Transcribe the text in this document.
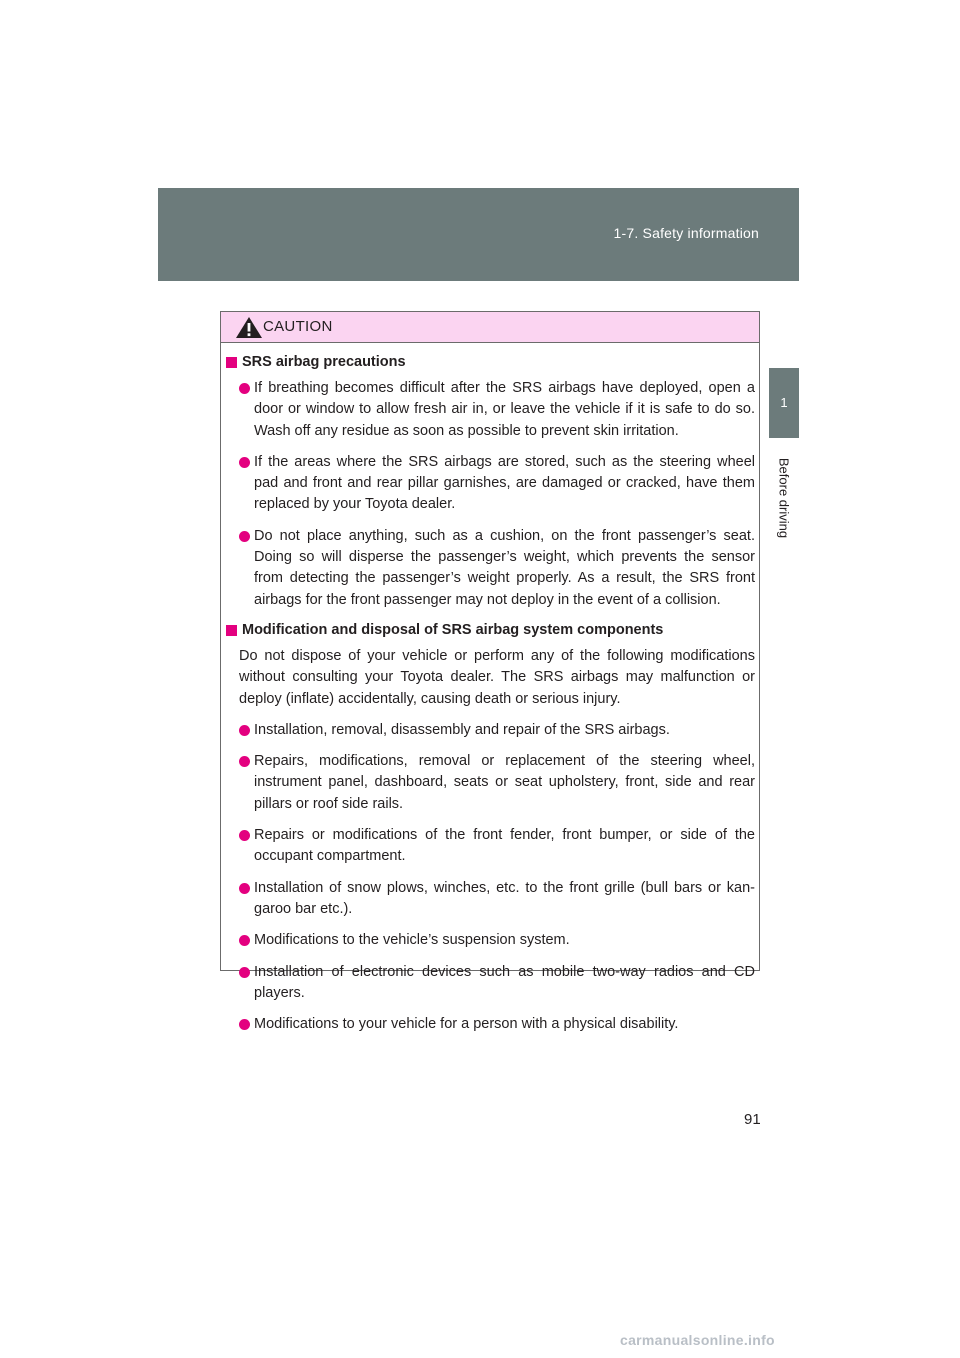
1-7. Safety information
1
Before driving
CAUTION
SRS airbag precautions
If breathing becomes difficult after the SRS airbags have deployed, open a door or window to allow fresh air in, or leave the vehicle if it is safe to do so. Wash off any residue as soon as possible to prevent skin irritation.
If the areas where the SRS airbags are stored, such as the steering wheel pad and front and rear pillar garnishes, are damaged or cracked, have them replaced by your Toyota dealer.
Do not place anything, such as a cushion, on the front passenger’s seat. Doing so will disperse the passenger’s weight, which prevents the sensor from detecting the passenger’s weight properly. As a result, the SRS front airbags for the front passenger may not deploy in the event of a collision.
Modification and disposal of SRS airbag system components
Do not dispose of your vehicle or perform any of the following modifications without consulting your Toyota dealer. The SRS airbags may malfunction or deploy (inflate) accidentally, causing death or serious injury.
Installation, removal, disassembly and repair of the SRS airbags.
Repairs, modifications, removal or replacement of the steering wheel, instrument panel, dashboard, seats or seat upholstery, front, side and rear pillars or roof side rails.
Repairs or modifications of the front fender, front bumper, or side of the occupant compartment.
Installation of snow plows, winches, etc. to the front grille (bull bars or kan-garoo bar etc.).
Modifications to the vehicle’s suspension system.
Installation of electronic devices such as mobile two-way radios and CD players.
Modifications to your vehicle for a person with a physical disability.
91
carmanualsonline.info
